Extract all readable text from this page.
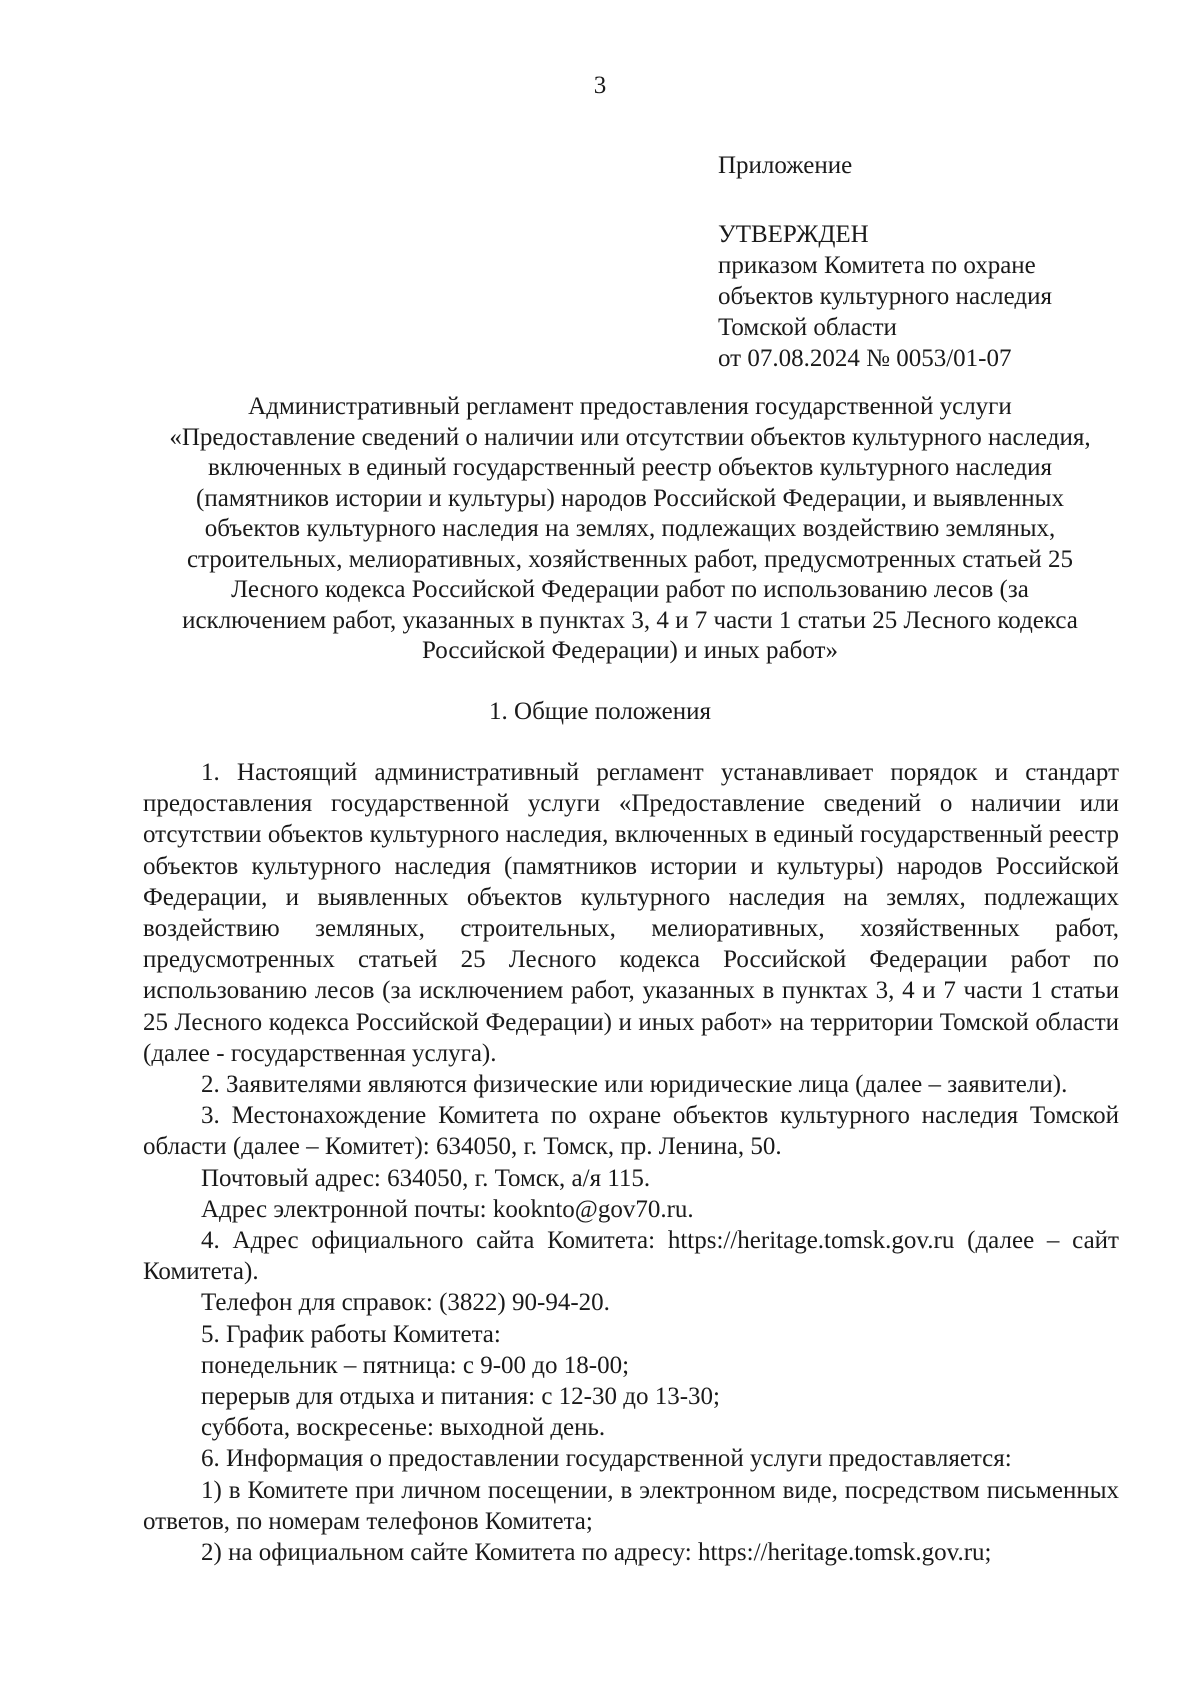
3
Приложение
УТВЕРЖДЕН
приказом Комитета по охране
объектов культурного наследия
Томской области
от 07.08.2024 № 0053/01-07
Административный регламент предоставления государственной услуги
«Предоставление сведений о наличии или отсутствии объектов культурного наследия,
включенных в единый государственный реестр объектов культурного наследия
(памятников истории и культуры) народов Российской Федерации, и выявленных
объектов культурного наследия на землях, подлежащих воздействию земляных,
строительных, мелиоративных, хозяйственных работ, предусмотренных статьей 25
Лесного кодекса Российской Федерации работ по использованию лесов (за
исключением работ, указанных в пунктах 3, 4 и 7 части 1 статьи 25 Лесного кодекса
Российской Федерации) и иных работ»
1. Общие положения

1. Настоящий административный регламент устанавливает порядок и стандарт предоставления государственной услуги «Предоставление сведений о наличии или отсутствии объектов культурного наследия, включенных в единый государственный реестр объектов культурного наследия (памятников истории и культуры) народов Российской Федерации, и выявленных объектов культурного наследия на землях, подлежащих воздействию земляных, строительных, мелиоративных, хозяйственных работ, предусмотренных статьей 25 Лесного кодекса Российской Федерации работ по использованию лесов (за исключением работ, указанных в пунктах 3, 4 и 7 части 1 статьи 25 Лесного кодекса Российской Федерации) и иных работ» на территории Томской области (далее - государственная услуга).

2. Заявителями являются физические или юридические лица (далее – заявители).

3. Местонахождение Комитета по охране объектов культурного наследия Томской области (далее – Комитет): 634050, г. Томск, пр. Ленина, 50.

Почтовый адрес: 634050, г. Томск, а/я 115.

Адрес электронной почты: kooknto@gov70.ru.

4. Адрес официального сайта Комитета: https://heritage.tomsk.gov.ru (далее – сайт Комитета).

Телефон для справок: (3822) 90-94-20.

5. График работы Комитета:

понедельник – пятница: с 9-00 до 18-00;

перерыв для отдыха и питания: с 12-30 до 13-30;

суббота, воскресенье: выходной день.

6. Информация о предоставлении государственной услуги предоставляется:

1) в Комитете при личном посещении, в электронном виде, посредством письменных ответов, по номерам телефонов Комитета;

2) на официальном сайте Комитета по адресу: https://heritage.tomsk.gov.ru;
